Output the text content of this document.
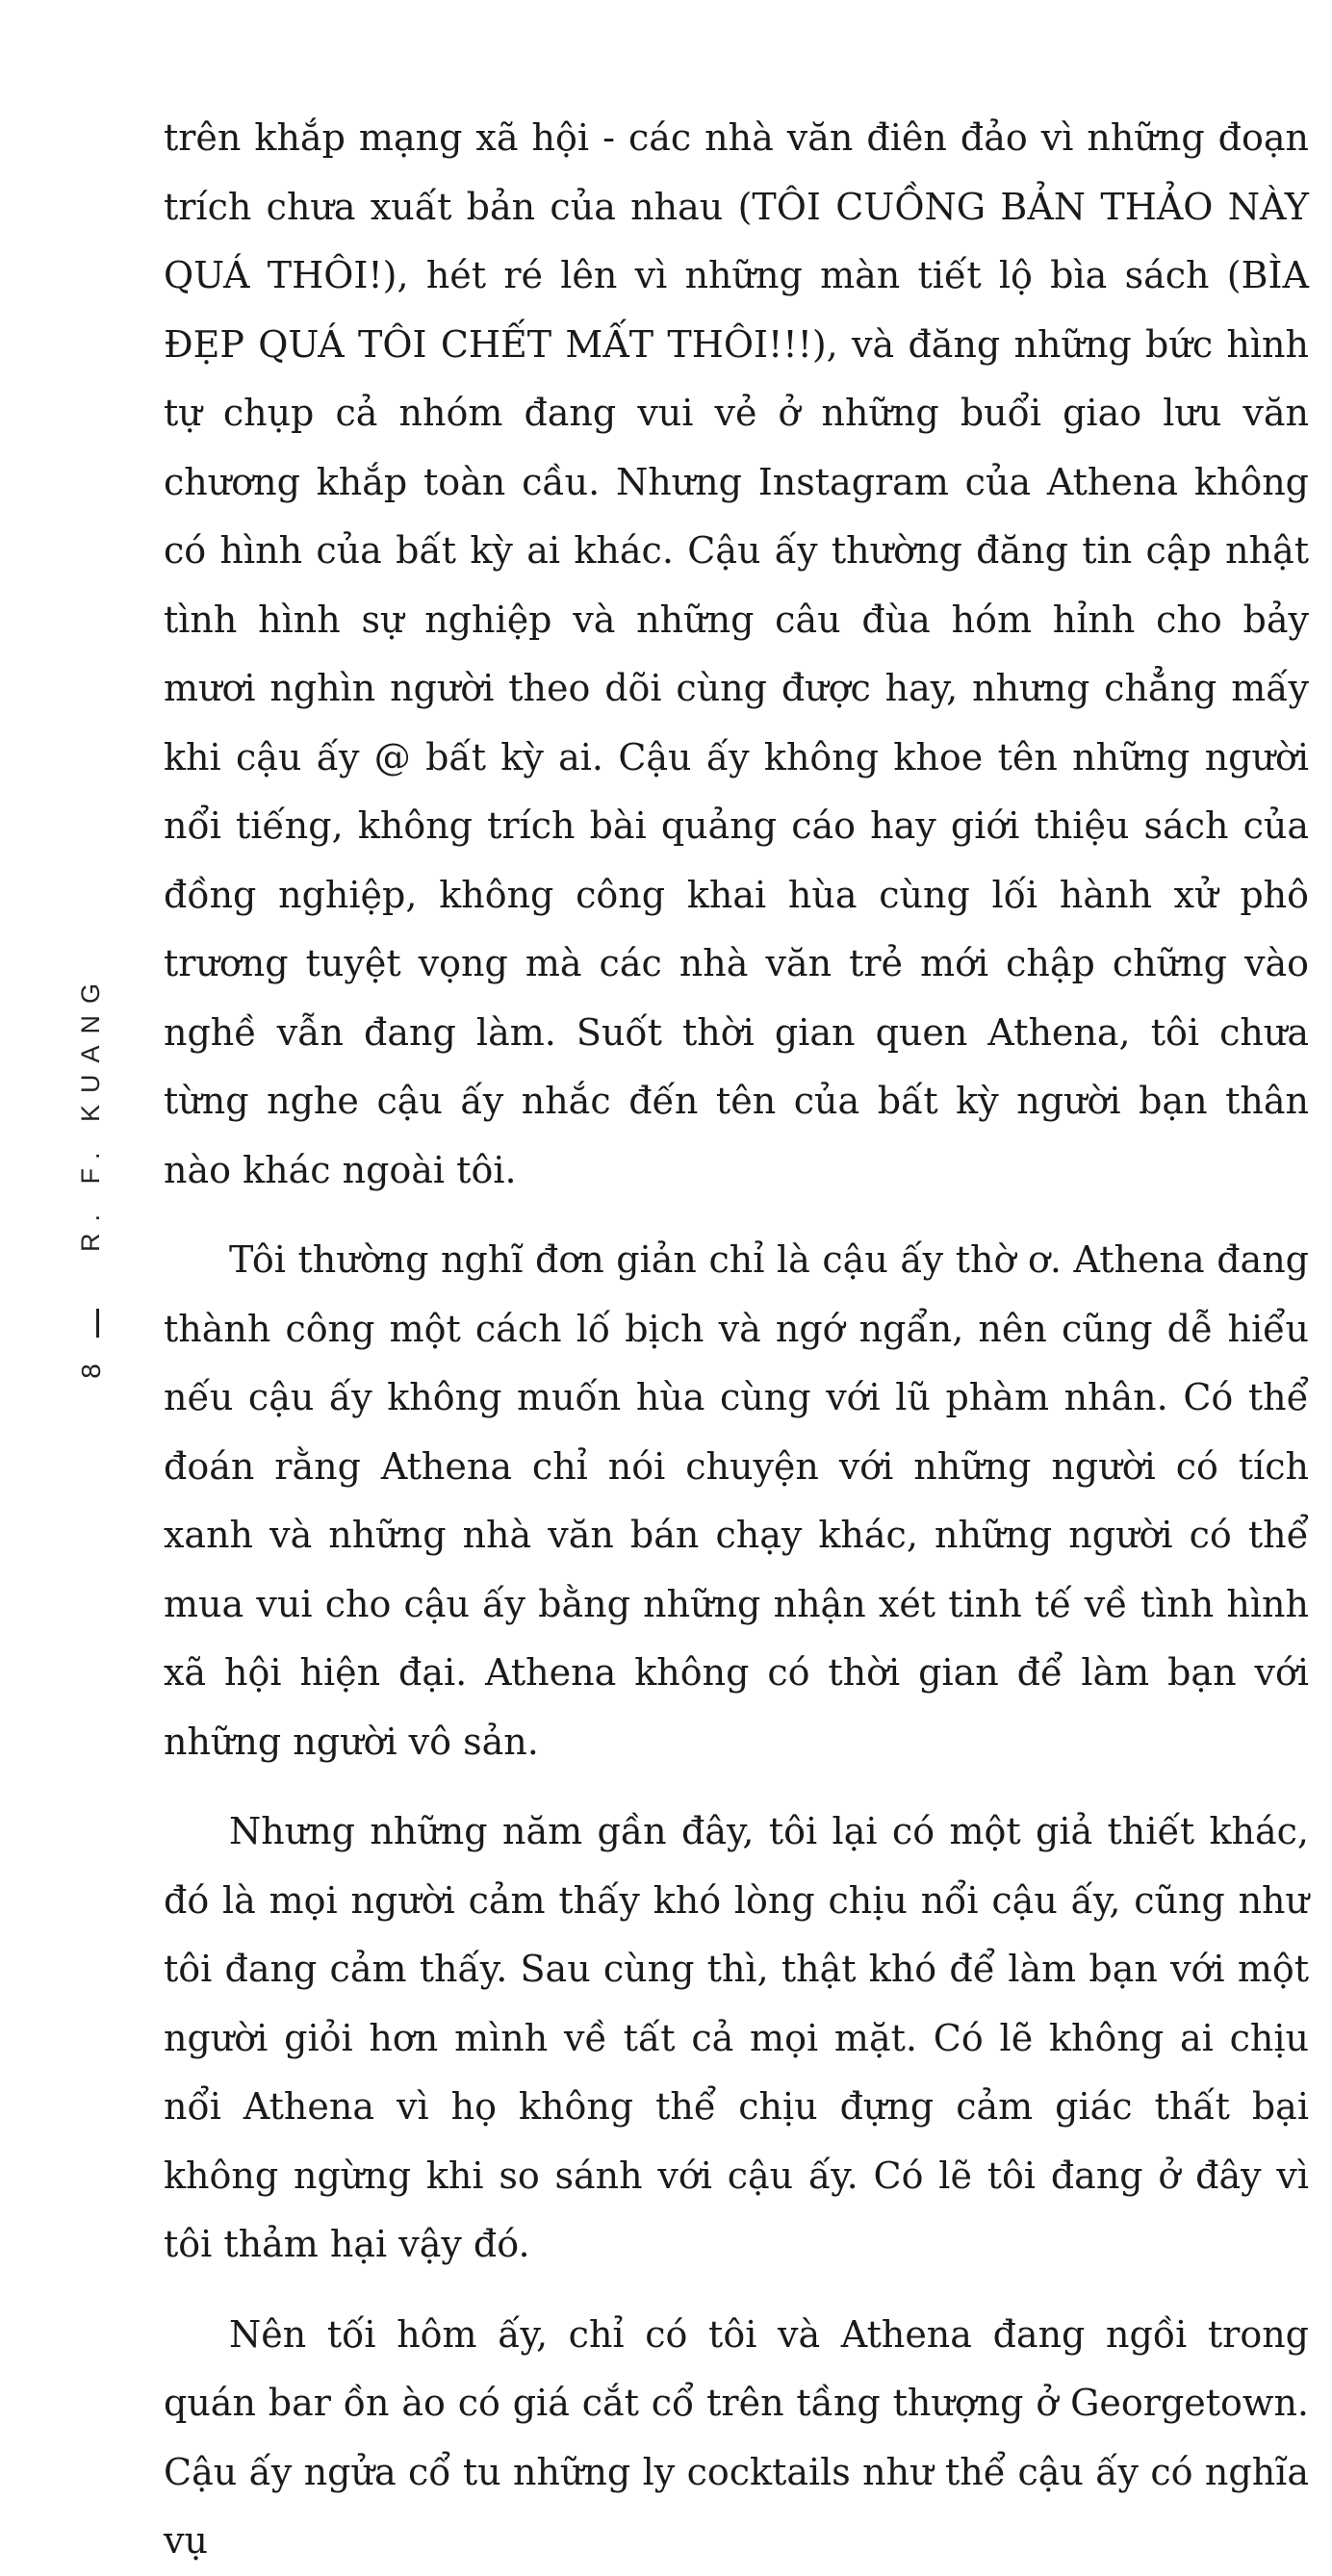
trên khắp mạng xã hội - các nhà văn điên đảo vì những đoạn trích chưa xuất bản của nhau (TÔI CUỒNG BẢN THẢO NÀY QUÁ THÔI!), hét ré lên vì những màn tiết lộ bìa sách (BÌA ĐẸP QUÁ TÔI CHẾT MẤT THÔI!!!), và đăng những bức hình tự chụp cả nhóm đang vui vẻ ở những buổi giao lưu văn chương khắp toàn cầu. Nhưng Instagram của Athena không có hình của bất kỳ ai khác. Cậu ấy thường đăng tin cập nhật tình hình sự nghiệp và những câu đùa hóm hỉnh cho bảy mươi nghìn người theo dõi cùng được hay, nhưng chẳng mấy khi cậu ấy @ bất kỳ ai. Cậu ấy không khoe tên những người nổi tiếng, không trích bài quảng cáo hay giới thiệu sách của đồng nghiệp, không công khai hùa cùng lối hành xử phô trương tuyệt vọng mà các nhà văn trẻ mới chập chững vào nghề vẫn đang làm. Suốt thời gian quen Athena, tôi chưa từng nghe cậu ấy nhắc đến tên của bất kỳ người bạn thân nào khác ngoài tôi.

Tôi thường nghĩ đơn giản chỉ là cậu ấy thờ ơ. Athena đang thành công một cách lố bịch và ngớ ngẩn, nên cũng dễ hiểu nếu cậu ấy không muốn hùa cùng với lũ phàm nhân. Có thể đoán rằng Athena chỉ nói chuyện với những người có tích xanh và những nhà văn bán chạy khác, những người có thể mua vui cho cậu ấy bằng những nhận xét tinh tế về tình hình xã hội hiện đại. Athena không có thời gian để làm bạn với những người vô sản.

Nhưng những năm gần đây, tôi lại có một giả thiết khác, đó là mọi người cảm thấy khó lòng chịu nổi cậu ấy, cũng như tôi đang cảm thấy. Sau cùng thì, thật khó để làm bạn với một người giỏi hơn mình về tất cả mọi mặt. Có lẽ không ai chịu nổi Athena vì họ không thể chịu đựng cảm giác thất bại không ngừng khi so sánh với cậu ấy. Có lẽ tôi đang ở đây vì tôi thảm hại vậy đó.

Nên tối hôm ấy, chỉ có tôi và Athena đang ngồi trong quán bar ồn ào có giá cắt cổ trên tầng thượng ở Georgetown. Cậu ấy ngửa cổ tu những ly cocktails như thể cậu ấy có nghĩa vụ

R. F. KUANG
8
